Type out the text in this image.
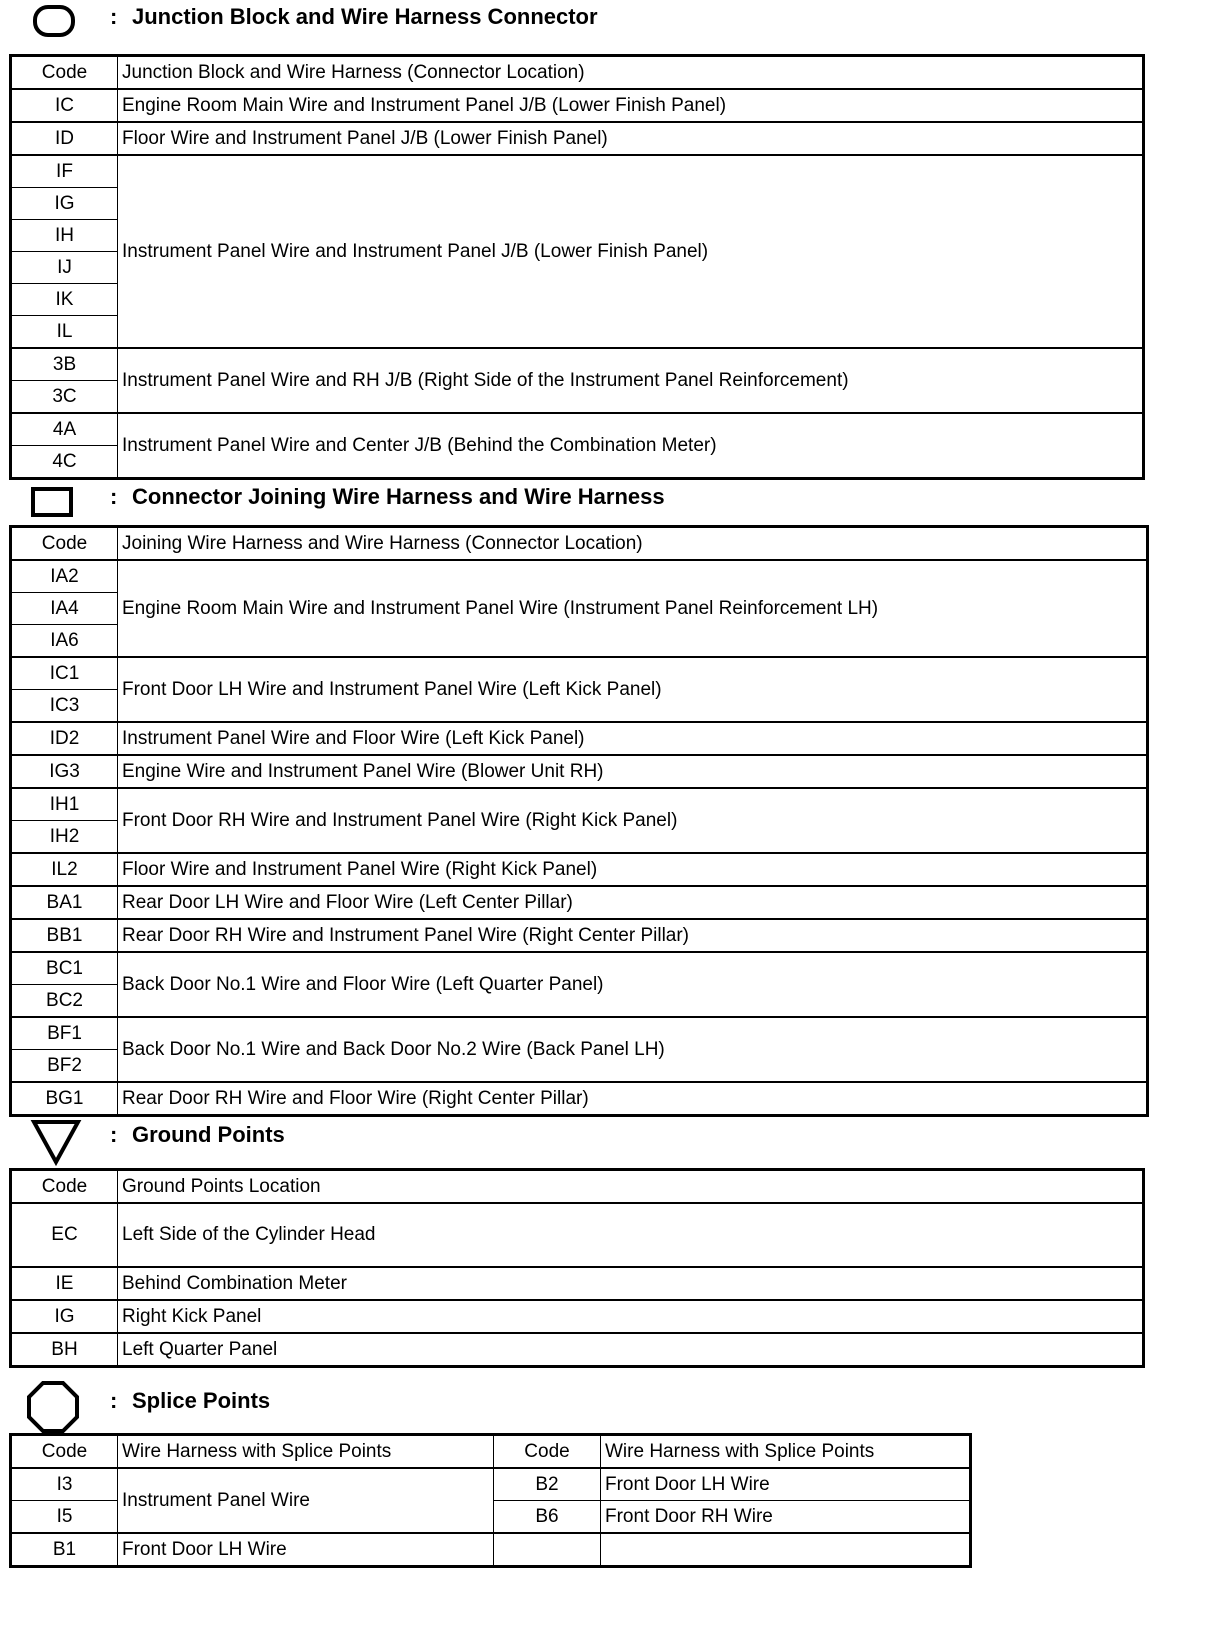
: Junction Block and Wire Harness Connector
Code	Junction Block and Wire Harness (Connector Location)
IC	Engine Room Main Wire and Instrument Panel J/B (Lower Finish Panel)
ID	Floor Wire and Instrument Panel J/B (Lower Finish Panel)
IF	Instrument Panel Wire and Instrument Panel J/B (Lower Finish Panel)
IG	
IH	
IJ	
IK	
IL	
3B	Instrument Panel Wire and RH J/B (Right Side of the Instrument Panel Reinforcement)
3C	
4A	Instrument Panel Wire and Center J/B (Behind the Combination Meter)
4C	
: Connector Joining Wire Harness and Wire Harness
Code	Joining Wire Harness and Wire Harness (Connector Location)
IA2	Engine Room Main Wire and Instrument Panel Wire (Instrument Panel Reinforcement LH)
IA4	
IA6	
IC1	Front Door LH Wire and Instrument Panel Wire (Left Kick Panel)
IC3	
ID2	Instrument Panel Wire and Floor Wire (Left Kick Panel)
IG3	Engine Wire and Instrument Panel Wire (Blower Unit RH)
IH1	Front Door RH Wire and Instrument Panel Wire (Right Kick Panel)
IH2	
IL2	Floor Wire and Instrument Panel Wire (Right Kick Panel)
BA1	Rear Door LH Wire and Floor Wire (Left Center Pillar)
BB1	Rear Door RH Wire and Instrument Panel Wire (Right Center Pillar)
BC1	Back Door No.1 Wire and Floor Wire (Left Quarter Panel)
BC2	
BF1	Back Door No.1 Wire and Back Door No.2 Wire (Back Panel LH)
BF2	
BG1	Rear Door RH Wire and Floor Wire (Right Center Pillar)
: Ground Points
Code	Ground Points Location
EC	Left Side of the Cylinder Head
IE	Behind Combination Meter
IG	Right Kick Panel
BH	Left Quarter Panel
: Splice Points
Code	Wire Harness with Splice Points	Code	Wire Harness with Splice Points
I3	Instrument Panel Wire	B2	Front Door LH Wire
I5		B6	Front Door RH Wire
B1	Front Door LH Wire		
